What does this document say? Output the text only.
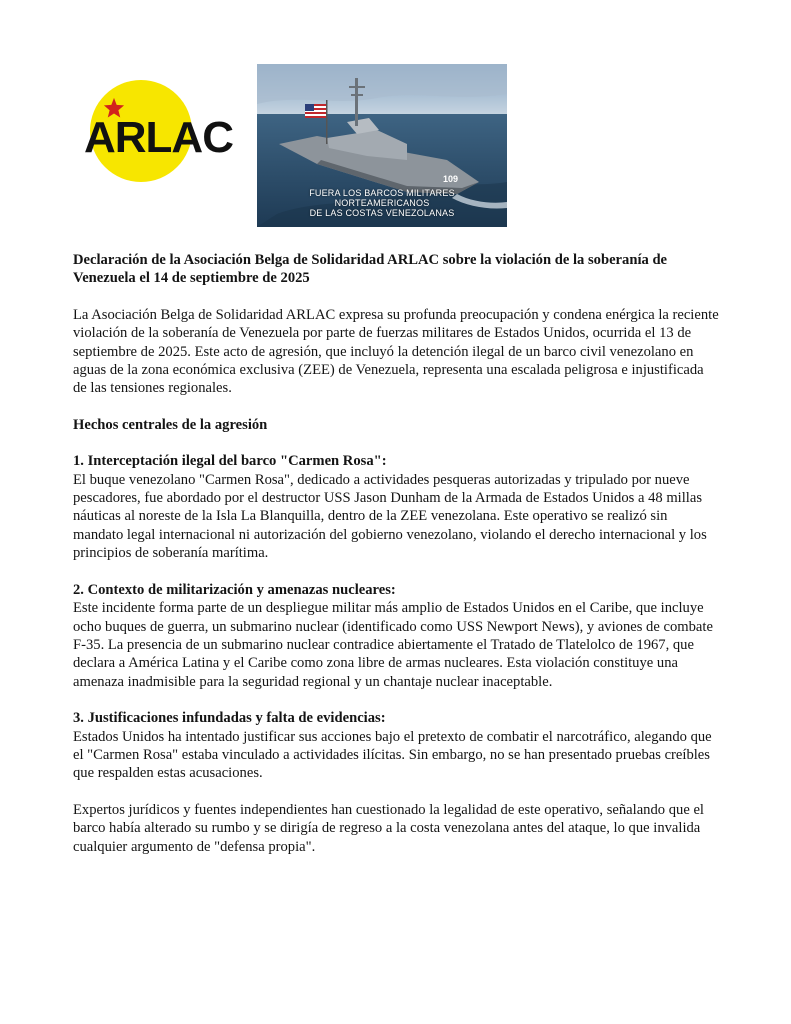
ARLAC
109
FUERA LOS BARCOS MILITARES
NORTEAMERICANOS
DE LAS COSTAS VENEZOLANAS

Declaración de la Asociación Belga de Solidaridad ARLAC sobre la violación de la soberanía de Venezuela el 14 de septiembre de 2025

La Asociación Belga de Solidaridad ARLAC expresa su profunda preocupación y condena enérgica la reciente violación de la soberanía de Venezuela por parte de fuerzas militares de Estados Unidos, ocurrida el 13 de septiembre de 2025. Este acto de agresión, que incluyó la detención ilegal de un barco civil venezolano en aguas de la zona económica exclusiva (ZEE) de Venezuela, representa una escalada peligrosa e injustificada de las tensiones regionales.

Hechos centrales de la agresión

1. Interceptación ilegal del barco "Carmen Rosa":

El buque venezolano "Carmen Rosa", dedicado a actividades pesqueras autorizadas y tripulado por nueve pescadores, fue abordado por el destructor USS Jason Dunham de la Armada de Estados Unidos a 48 millas náuticas al noreste de la Isla La Blanquilla, dentro de la ZEE venezolana. Este operativo se realizó sin mandato legal internacional ni autorización del gobierno venezolano, violando el derecho internacional y los principios de soberanía marítima.

2. Contexto de militarización y amenazas nucleares:

Este incidente forma parte de un despliegue militar más amplio de Estados Unidos en el Caribe, que incluye ocho buques de guerra, un submarino nuclear (identificado como USS Newport News), y aviones de combate F-35. La presencia de un submarino nuclear contradice abiertamente el Tratado de Tlatelolco de 1967, que declara a América Latina y el Caribe como zona libre de armas nucleares. Esta violación constituye una amenaza inadmisible para la seguridad regional y un chantaje nuclear inaceptable.

3. Justificaciones infundadas y falta de evidencias:

Estados Unidos ha intentado justificar sus acciones bajo el pretexto de combatir el narcotráfico, alegando que el "Carmen Rosa" estaba vinculado a actividades ilícitas. Sin embargo, no se han presentado pruebas creíbles que respalden estas acusaciones.

Expertos jurídicos y fuentes independientes han cuestionado la legalidad de este operativo, señalando que el barco había alterado su rumbo y se dirigía de regreso a la costa venezolana antes del ataque, lo que invalida cualquier argumento de "defensa propia".
